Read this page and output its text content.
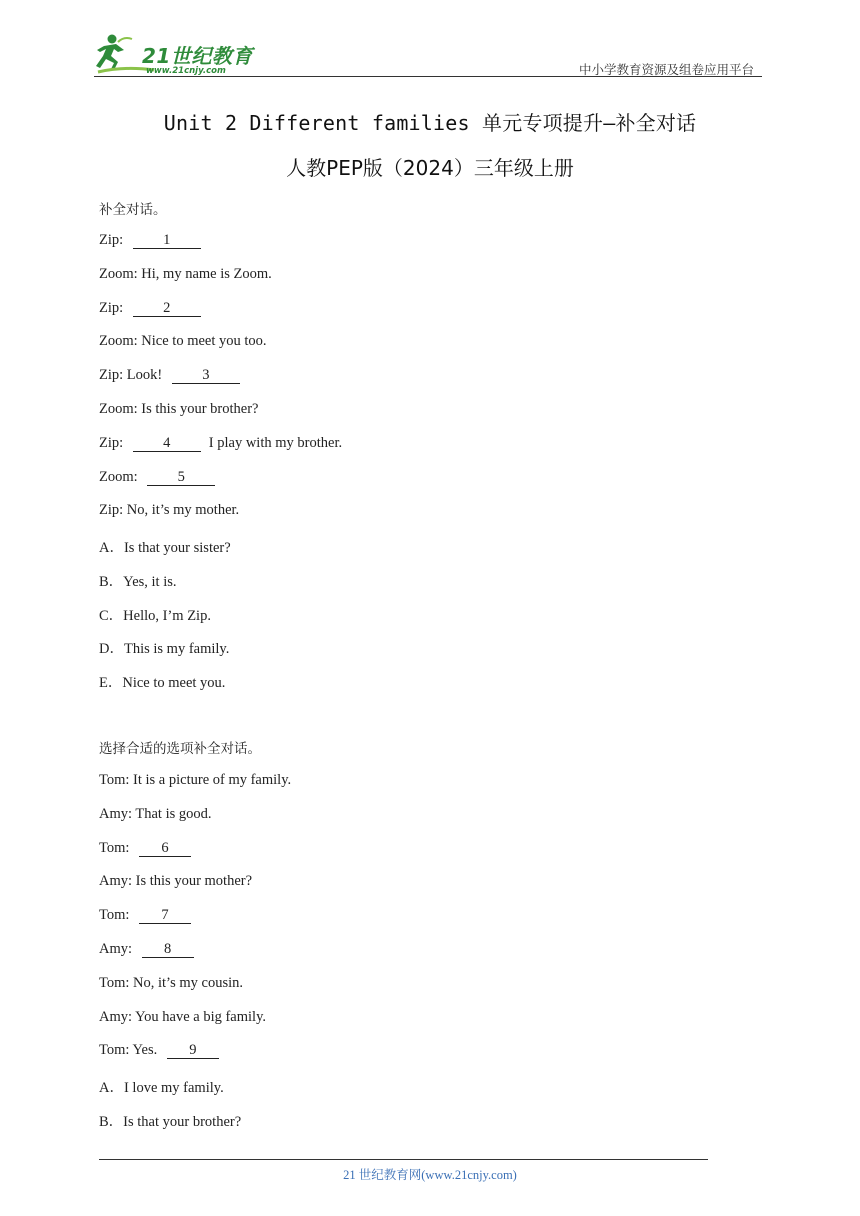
21世纪教育
www.21cnjy.com	中小学教育资源及组卷应用平台
Unit 2 Different families 单元专项提升—补全对话
人教PEP版（2024）三年级上册
补全对话。
Zip:	1
Zoom: Hi, my name is Zoom.
Zip:	2
Zoom: Nice to meet you too.
Zip: Look!	3
Zoom: Is this your brother?
Zip:	4	I play with my brother.
Zoom:	5
Zip: No, it’s my mother.
A．Is that your sister?
B．Yes, it is.
C．Hello, I’m Zip.
D．This is my family.
E．Nice to meet you.
选择合适的选项补全对话。
Tom: It is a picture of my family.
Amy: That is good.
Tom: 6
Amy: Is this your mother?
Tom: 7
Amy: 8
Tom: No, it’s my cousin.
Amy: You have a big family.
Tom: Yes. 9
A．I love my family.
B．Is that your brother?
21 世纪教育网(www.21cnjy.com)
